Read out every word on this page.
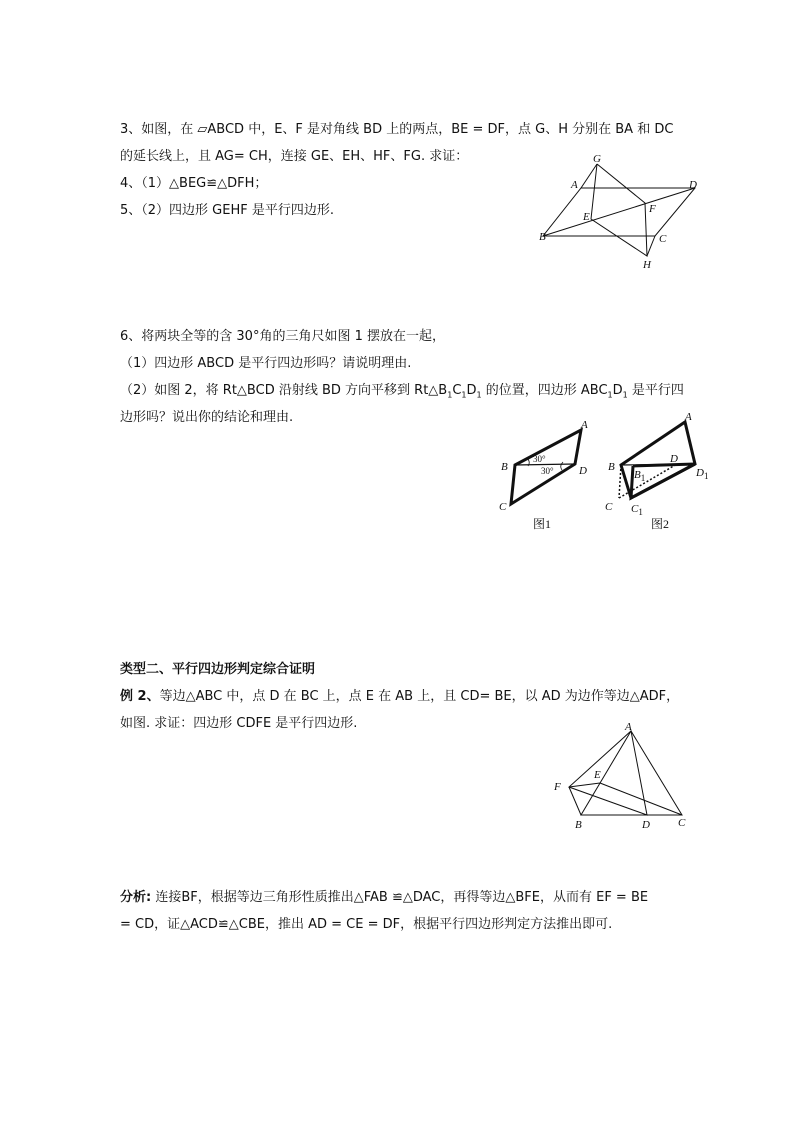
3、如图，在 ▱ABCD 中，E、F 是对角线 BD 上的两点，BE = DF，点 G、H 分别在 BA 和 DC
的延长线上，且 AG= CH，连接 GE、EH、HF、FG. 求证：
4、（1）△BEG≌△DFH；
5、（2）四边形 GEHF 是平行四边形.
G
A	D
E
F
B	C
H
6、将两块全等的含 30°角的三角尺如图 1 摆放在一起，
（1）四边形 ABCD 是平行四边形吗？请说明理由.
（2）如图 2，将 Rt△BCD 沿射线 BD 方向平移到 $Rt\triangle B_1C_1D_1$ 的位置，四边形 $ABC_1D_1$ 是平行四
边形吗？说出你的结论和理由.	A
B	D
C
30°
30°
图1
A
B
D
$D_1$
$B_1$
C $C_1$
图2
类型二、平行四边形判定综合证明
例 2、等边△ABC 中，点 D 在 BC 上，点 E 在 AB 上，且 CD= BE，以 AD 为边作等边△ADF，
如图. 求证：四边形 CDFE 是平行四边形.	A
E
F
B	D	C
分析: 连接BF，根据等边三角形性质推出△FAB ≌△DAC，再得等边△BFE，从而有 EF = BE
= CD，证△ACD≌△CBE，推出 AD = CE = DF，根据平行四边形判定方法推出即可.
